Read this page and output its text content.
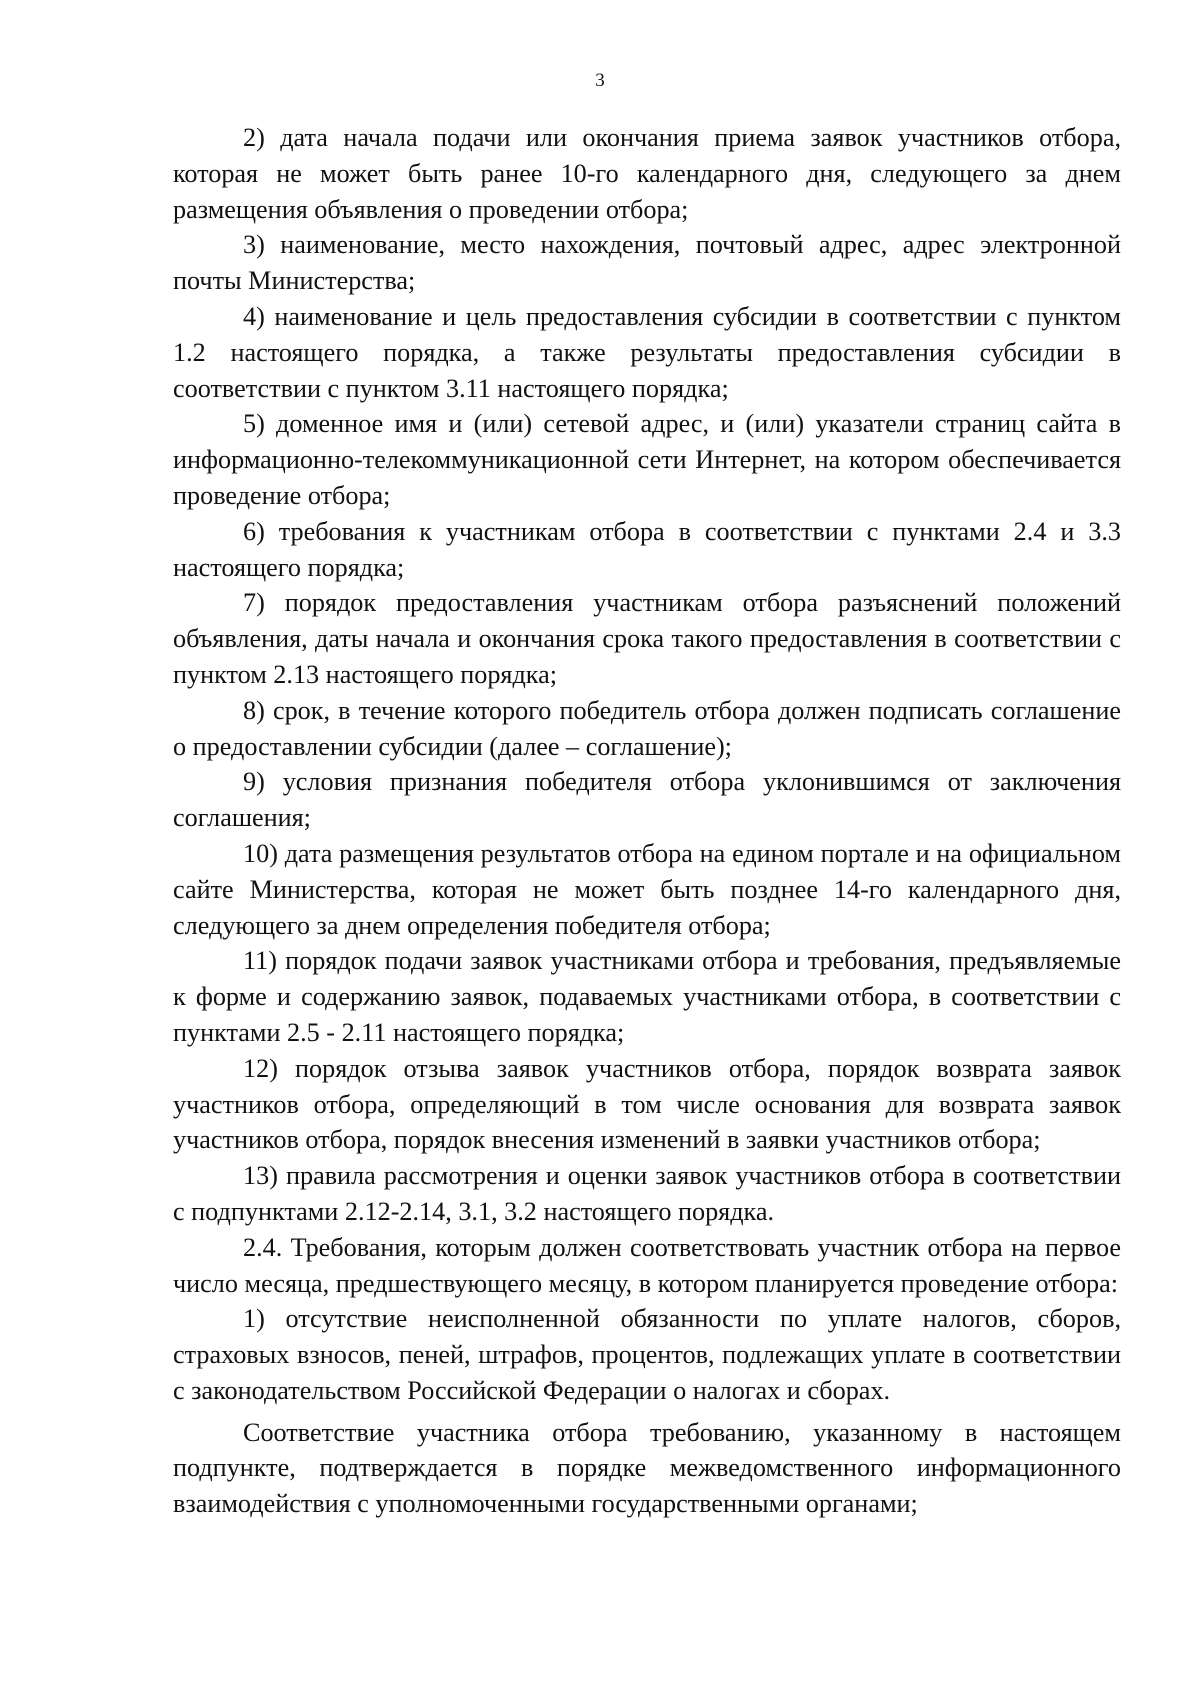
3

2) дата начала подачи или окончания приема заявок участников отбора, которая не может быть ранее 10-го календарного дня, следующего за днем размещения объявления о проведении отбора;

3) наименование, место нахождения, почтовый адрес, адрес электронной почты Министерства;

4) наименование и цель предоставления субсидии в соответствии с пунктом 1.2 настоящего порядка, а также результаты предоставления субсидии в соответствии с пунктом 3.11 настоящего порядка;

5) доменное имя и (или) сетевой адрес, и (или) указатели страниц сайта в информационно-телекоммуникационной сети Интернет, на котором обеспечивается проведение отбора;

6) требования к участникам отбора в соответствии с пунктами 2.4 и 3.3 настоящего порядка;

7) порядок предоставления участникам отбора разъяснений положений объявления, даты начала и окончания срока такого предоставления в соответствии с пунктом 2.13 настоящего порядка;

8) срок, в течение которого победитель отбора должен подписать соглашение о предоставлении субсидии (далее – соглашение);

9) условия признания победителя отбора уклонившимся от заключения соглашения;

10) дата размещения результатов отбора на едином портале и на официальном сайте Министерства, которая не может быть позднее 14-го календарного дня, следующего за днем определения победителя отбора;

11) порядок подачи заявок участниками отбора и требования, предъявляемые к форме и содержанию заявок, подаваемых участниками отбора, в соответствии с пунктами 2.5 - 2.11 настоящего порядка;

12) порядок отзыва заявок участников отбора, порядок возврата заявок участников отбора, определяющий в том числе основания для возврата заявок участников отбора, порядок внесения изменений в заявки участников отбора;

13) правила рассмотрения и оценки заявок участников отбора в соответствии с подпунктами 2.12-2.14, 3.1, 3.2 настоящего порядка.

2.4. Требования, которым должен соответствовать участник отбора на первое число месяца, предшествующего месяцу, в котором планируется проведение отбора:

1) отсутствие неисполненной обязанности по уплате налогов, сборов, страховых взносов, пеней, штрафов, процентов, подлежащих уплате в соответствии с законодательством Российской Федерации о налогах и сборах.

Соответствие участника отбора требованию, указанному в настоящем подпункте, подтверждается в порядке межведомственного информационного взаимодействия с уполномоченными государственными органами;
